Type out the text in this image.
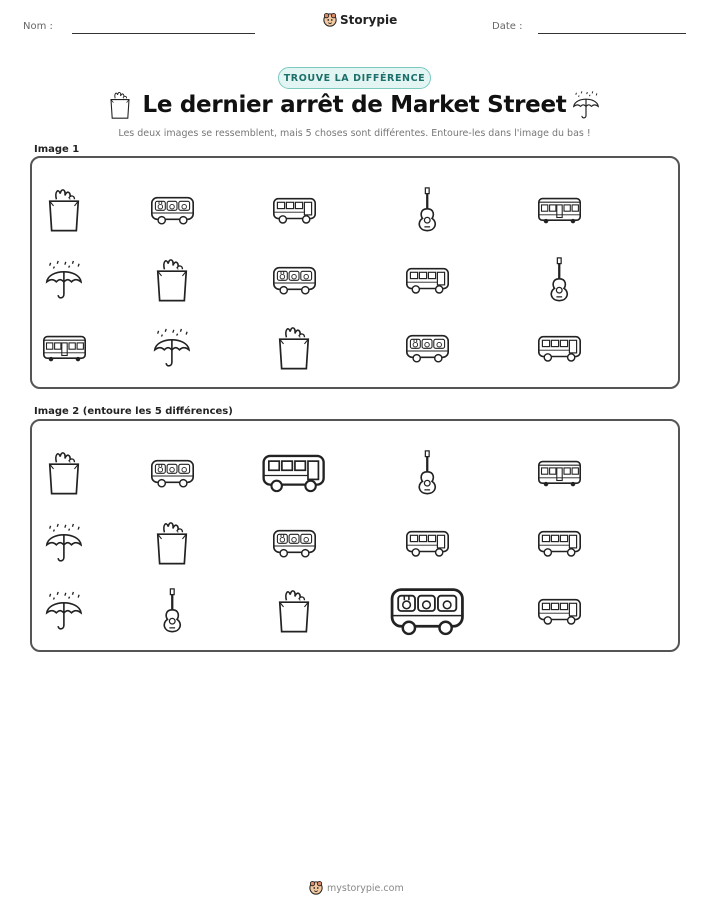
Nom :	Storypie	Date :
TROUVE LA DIFFÉRENCE
Le dernier arrêt de Market Street
Les deux images se ressemblent, mais 5 choses sont différentes. Entoure-les dans l'image du bas !
Image 1
Image 2 (entoure les 5 différences)
mystorypie.com
